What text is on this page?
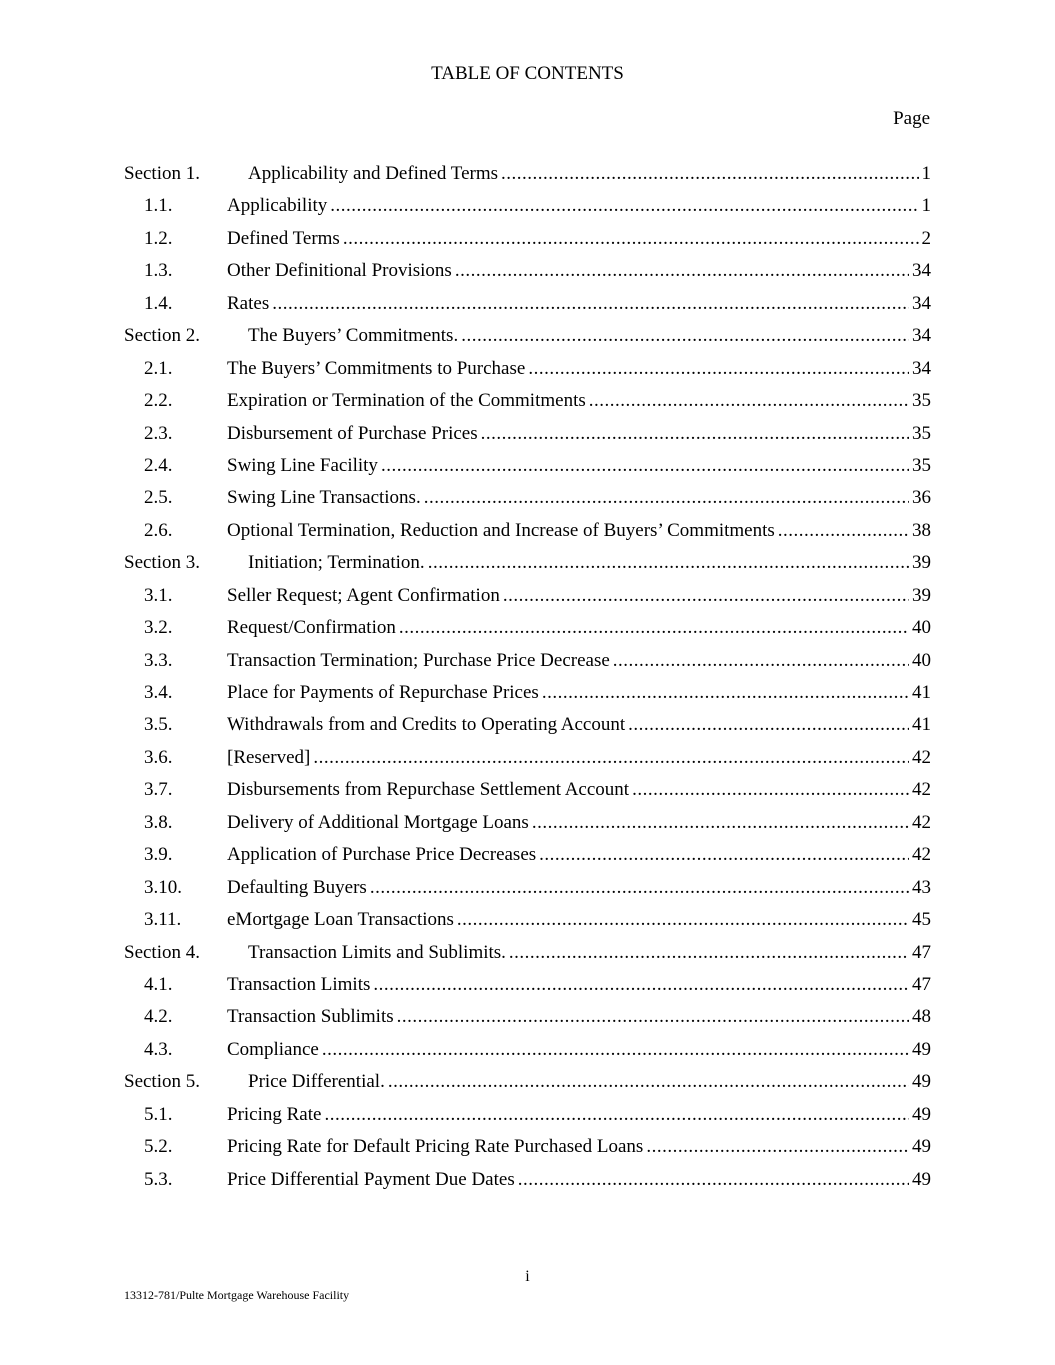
TABLE OF CONTENTS
Page
Section 1.	Applicability and Defined Terms .....	1
1.1.	Applicability .....	1
1.2.	Defined Terms .....	2
1.3.	Other Definitional Provisions .....	34
1.4.	Rates .....	34
Section 2.	The Buyers’ Commitments. .....	34
2.1.	The Buyers’ Commitments to Purchase .....	34
2.2.	Expiration or Termination of the Commitments .....	35
2.3.	Disbursement of Purchase Prices .....	35
2.4.	Swing Line Facility .....	35
2.5.	Swing Line Transactions. .....	36
2.6.	Optional Termination, Reduction and Increase of Buyers’ Commitments .....	38
Section 3.	Initiation; Termination. .....	39
3.1.	Seller Request; Agent Confirmation .....	39
3.2.	Request/Confirmation .....	40
3.3.	Transaction Termination; Purchase Price Decrease .....	40
3.4.	Place for Payments of Repurchase Prices .....	41
3.5.	Withdrawals from and Credits to Operating Account .....	41
3.6.	[Reserved] .....	42
3.7.	Disbursements from Repurchase Settlement Account .....	42
3.8.	Delivery of Additional Mortgage Loans .....	42
3.9.	Application of Purchase Price Decreases .....	42
3.10.	Defaulting Buyers .....	43
3.11.	eMortgage Loan Transactions .....	45
Section 4.	Transaction Limits and Sublimits. .....	47
4.1.	Transaction Limits .....	47
4.2.	Transaction Sublimits .....	48
4.3.	Compliance .....	49
Section 5.	Price Differential. .....	49
5.1.	Pricing Rate .....	49
5.2.	Pricing Rate for Default Pricing Rate Purchased Loans .....	49
5.3.	Price Differential Payment Due Dates .....	49
i
13312-781/Pulte Mortgage Warehouse Facility
